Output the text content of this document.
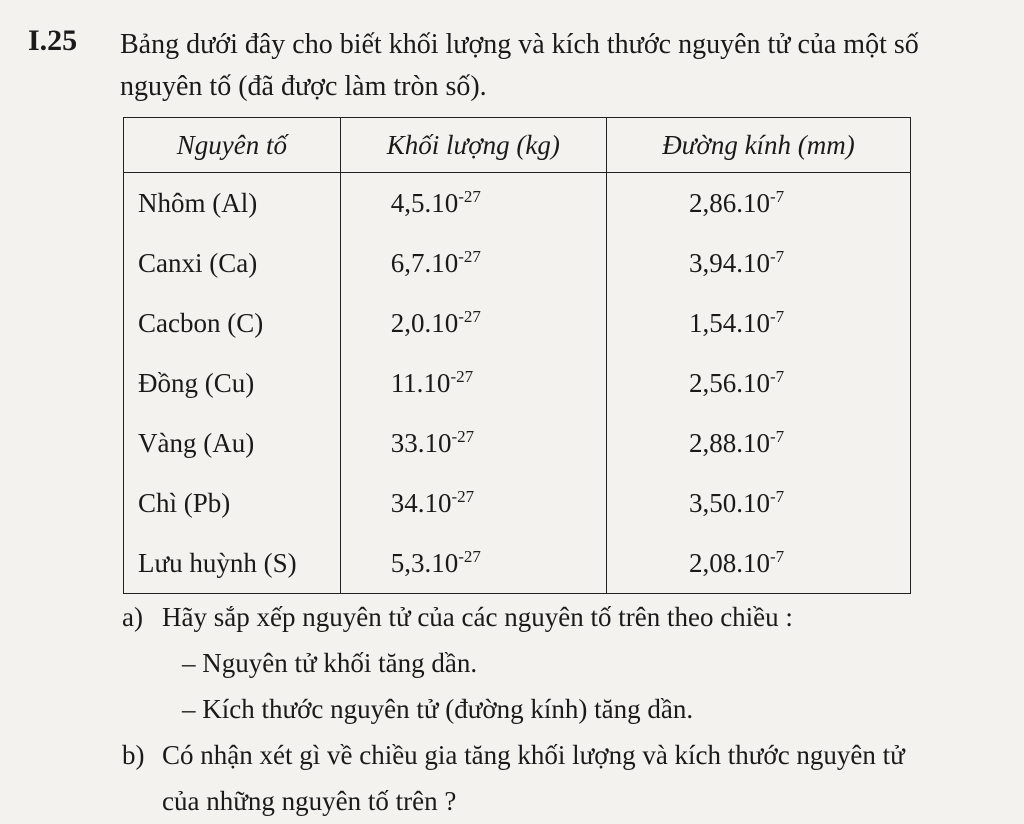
I.25 Bảng dưới đây cho biết khối lượng và kích thước nguyên tử của một số
nguyên tố (đã được làm tròn số).
Nguyên tố	Khối lượng (kg)	Đường kính (mm)
Nhôm (Al)	$4,5.10^{-27}$	$2,86.10^{-7}$
Canxi (Ca)	$6,7.10^{-27}$	$3,94.10^{-7}$
Cacbon (C)	$2,0.10^{-27}$	$1,54.10^{-7}$
Đồng (Cu)	$11.10^{-27}$	$2,56.10^{-7}$
Vàng (Au)	$33.10^{-27}$	$2,88.10^{-7}$
Chì (Pb)	$34.10^{-27}$	$3,50.10^{-7}$
Lưu huỳnh (S)	$5,3.10^{-27}$	$2,08.10^{-7}$
a) Hãy sắp xếp nguyên tử của các nguyên tố trên theo chiều :
– Nguyên tử khối tăng dần.
– Kích thước nguyên tử (đường kính) tăng dần.
b) Có nhận xét gì về chiều gia tăng khối lượng và kích thước nguyên tử
của những nguyên tố trên ?
